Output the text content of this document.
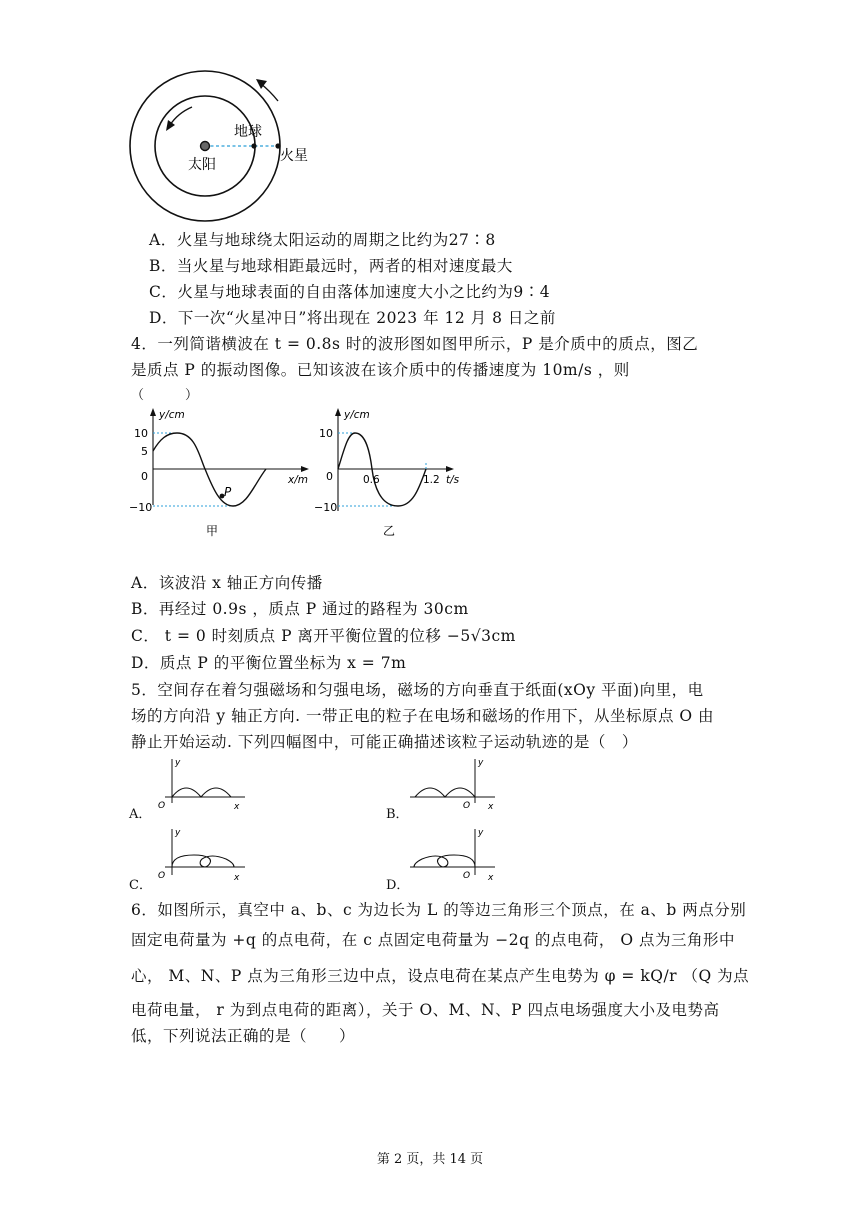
太阳
地球
火星
A．火星与地球绕太阳运动的周期之比约为27∶8
B．当火星与地球相距最远时，两者的相对速度最大
C．火星与地球表面的自由落体加速度大小之比约为9∶4
D．下一次“火星冲日”将出现在 2023 年 12 月 8 日之前
4．一列简谐横波在 t = 0.8s 时的波形图如图甲所示，P 是介质中的质点，图乙
是质点 P 的振动图像。已知该波在该介质中的传播速度为 10m/s ，则
（　　　）
y/cm
x/m
10
5
0
−10
P
甲
y/cm
t/s
10
0
−10
0.6	1.2
乙
A．该波沿 x 轴正方向传播
B．再经过 0.9s ，质点 P 通过的路程为 30cm
C． t = 0 时刻质点 P 离开平衡位置的位移 −5√3cm
D．质点 P 的平衡位置坐标为 x = 7m
5．空间存在着匀强磁场和匀强电场，磁场的方向垂直于纸面(xOy 平面)向里，电
场的方向沿 y 轴正方向. 一带正电的粒子在电场和磁场的作用下，从坐标原点 O 由
静止开始运动. 下列四幅图中，可能正确描述该粒子运动轨迹的是（　）
A．
y
x
O
B．
y
x
O
C．
y
x
O
D．
y
x
O
6．如图所示，真空中 a、b、c 为边长为 L 的等边三角形三个顶点，在 a、b 两点分别
固定电荷量为 +q 的点电荷，在 c 点固定电荷量为 −2q 的点电荷， O 点为三角形中
心， M、N、P 点为三角形三边中点，设点电荷在某点产生电势为 φ = kQ/r （Q 为点
电荷电量， r 为到点电荷的距离），关于 O、M、N、P 四点电场强度大小及电势高
低，下列说法正确的是（　　）
第 2 页，共 14 页
